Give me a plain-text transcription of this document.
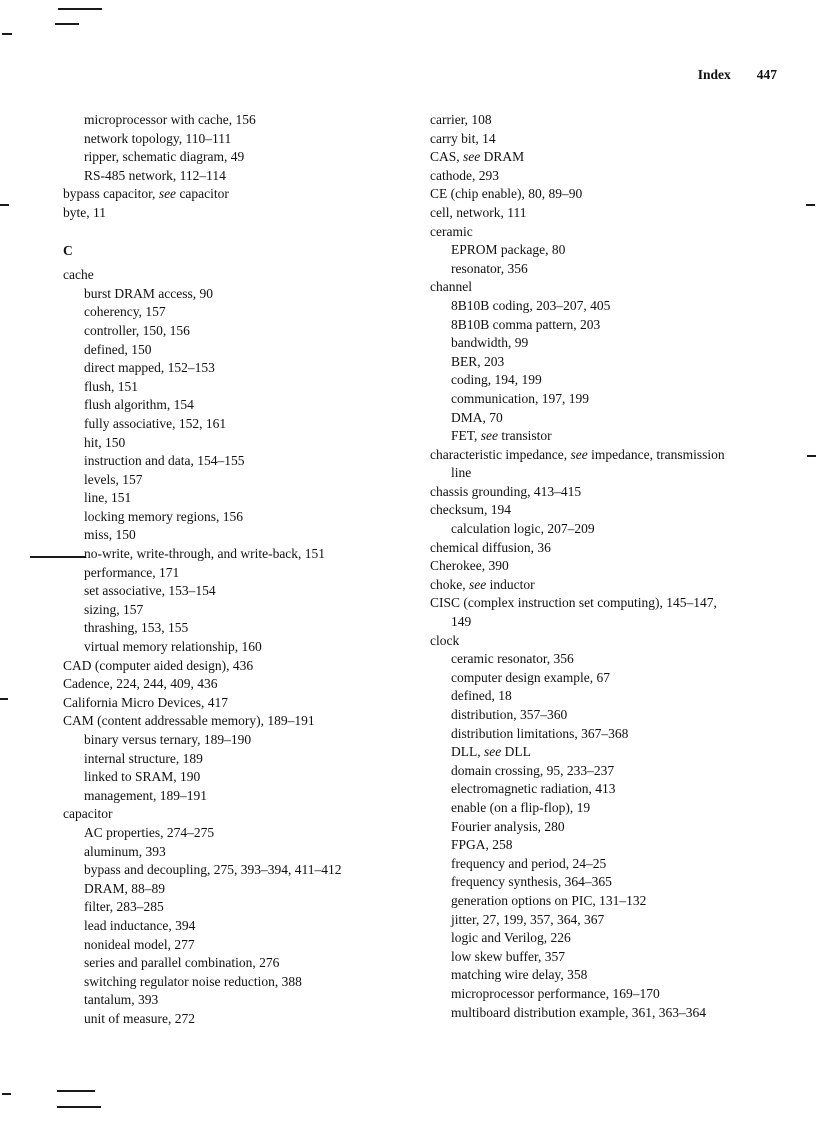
Index 447
microprocessor with cache, 156
network topology, 110–111
ripper, schematic diagram, 49
RS-485 network, 112–114
bypass capacitor, see capacitor
byte, 11
C
cache
burst DRAM access, 90
coherency, 157
controller, 150, 156
defined, 150
direct mapped, 152–153
flush, 151
flush algorithm, 154
fully associative, 152, 161
hit, 150
instruction and data, 154–155
levels, 157
line, 151
locking memory regions, 156
miss, 150
no-write, write-through, and write-back, 151
performance, 171
set associative, 153–154
sizing, 157
thrashing, 153, 155
virtual memory relationship, 160
CAD (computer aided design), 436
Cadence, 224, 244, 409, 436
California Micro Devices, 417
CAM (content addressable memory), 189–191
binary versus ternary, 189–190
internal structure, 189
linked to SRAM, 190
management, 189–191
capacitor
AC properties, 274–275
aluminum, 393
bypass and decoupling, 275, 393–394, 411–412
DRAM, 88–89
filter, 283–285
lead inductance, 394
nonideal model, 277
series and parallel combination, 276
switching regulator noise reduction, 388
tantalum, 393
unit of measure, 272
carrier, 108
carry bit, 14
CAS, see DRAM
cathode, 293
CE (chip enable), 80, 89–90
cell, network, 111
ceramic
EPROM package, 80
resonator, 356
channel
8B10B coding, 203–207, 405
8B10B comma pattern, 203
bandwidth, 99
BER, 203
coding, 194, 199
communication, 197, 199
DMA, 70
FET, see transistor
characteristic impedance, see impedance, transmission
line
chassis grounding, 413–415
checksum, 194
calculation logic, 207–209
chemical diffusion, 36
Cherokee, 390
choke, see inductor
CISC (complex instruction set computing), 145–147,
149
clock
ceramic resonator, 356
computer design example, 67
defined, 18
distribution, 357–360
distribution limitations, 367–368
DLL, see DLL
domain crossing, 95, 233–237
electromagnetic radiation, 413
enable (on a flip-flop), 19
Fourier analysis, 280
FPGA, 258
frequency and period, 24–25
frequency synthesis, 364–365
generation options on PIC, 131–132
jitter, 27, 199, 357, 364, 367
logic and Verilog, 226
low skew buffer, 357
matching wire delay, 358
microprocessor performance, 169–170
multiboard distribution example, 361, 363–364
